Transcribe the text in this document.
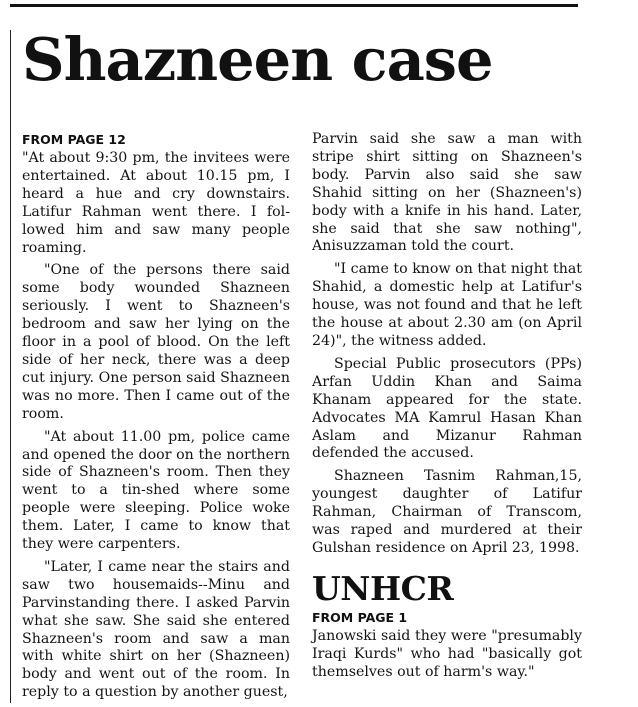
Shazneen case
FROM PAGE 12

"At about 9:30 pm, the invitees were entertained. At about 10.15 pm, I heard a hue and cry downstairs. Latifur Rahman went there. I followed him and saw many people roaming.

"One of the persons there said some body wounded Shazneen seriously. I went to Shazneen's bedroom and saw her lying on the floor in a pool of blood. On the left side of her neck, there was a deep cut injury. One person said Shazneen was no more. Then I came out of the room.

"At about 11.00 pm, police came and opened the door on the northern side of Shazneen's room. Then they went to a tin-shed where some people were sleeping. Police woke them. Later, I came to know that they were carpenters.

"Later, I came near the stairs and saw two housemaids--Minu and Parvinstanding there. I asked Parvin what she saw. She said she entered Shazneen's room and saw a man with white shirt on her (Shazneen) body and went out of the room. In reply to a question by another guest,

Parvin said she saw a man with stripe shirt sitting on Shazneen's body. Parvin also said she saw Shahid sitting on her (Shazneen's) body with a knife in his hand. Later, she said that she saw nothing", Anisuzzaman told the court.

"I came to know on that night that Shahid, a domestic help at Latifur's house, was not found and that he left the house at about 2.30 am (on April 24)", the witness added.

Special Public prosecutors (PPs) Arfan Uddin Khan and Saima Khanam appeared for the state. Advocates MA Kamrul Hasan Khan Aslam and Mizanur Rahman defended the accused.

Shazneen Tasnim Rahman,15, youngest daughter of Latifur Rahman, Chairman of Transcom, was raped and murdered at their Gulshan residence on April 23, 1998.

UNHCR
FROM PAGE 1

Janowski said they were "presumably Iraqi Kurds" who had "basically got themselves out of harm's way."
